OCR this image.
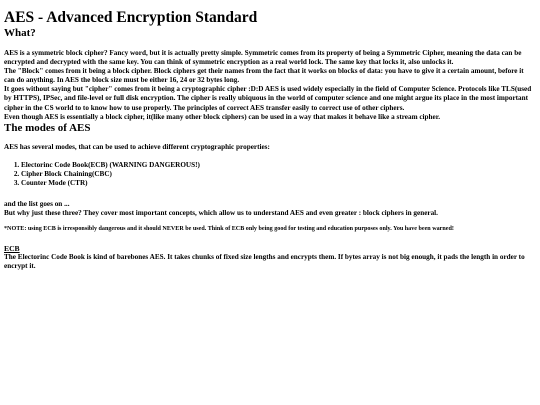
AES - Advanced Encryption Standard
What?

AES is a symmetric block cipher? Fancy word, but it is actually pretty simple. Symmetric comes from its property of being a Symmetric Cipher, meaning the data can be encrypted and decrypted with the same key. You can think of symmetric encryption as a real world lock. The same key that locks it, also unlocks it.

The "Block" comes from it being a block cipher. Block ciphers get their names from the fact that it works on blocks of data: you have to give it a certain amount, before it can do anything. In AES the block size must be either 16, 24 or 32 bytes long.

It goes without saying but "cipher" comes from it being a cryptographic cipher :D:D AES is used widely especially in the field of Computer Science. Protocols like TLS(used by HTTPS), IPSec, and file-level or full disk encryption. The cipher is really ubiquous in the world of computer science and one might argue its place in the most important cipher in the CS world to to know how to use properly. The principles of correct AES transfer easily to correct use of other ciphers.

Even though AES is essentially a block cipher, it(like many other block ciphers) can be used in a way that makes it behave like a stream cipher.

The modes of AES

AES has several modes, that can be used to achieve different cryptographic properties:

1. Electorinc Code Book(ECB) (WARNING DANGEROUS!)
2. Cipher Block Chaining(CBC)
3. Counter Mode (CTR)

and the list goes on ...

But why just these three? They cover most important concepts, which allow us to understand AES and even greater : block ciphers in general.

*NOTE: using ECB is irresponsibly dangerous and it should NEVER be used. Think of ECB only being good for testing and education purposes only. You have been warned!

ECB

The Electorinc Code Book is kind of barebones AES. It takes chunks of fixed size lengths and encrypts them. If bytes array is not big enough, it pads the length in order to encrypt it.
